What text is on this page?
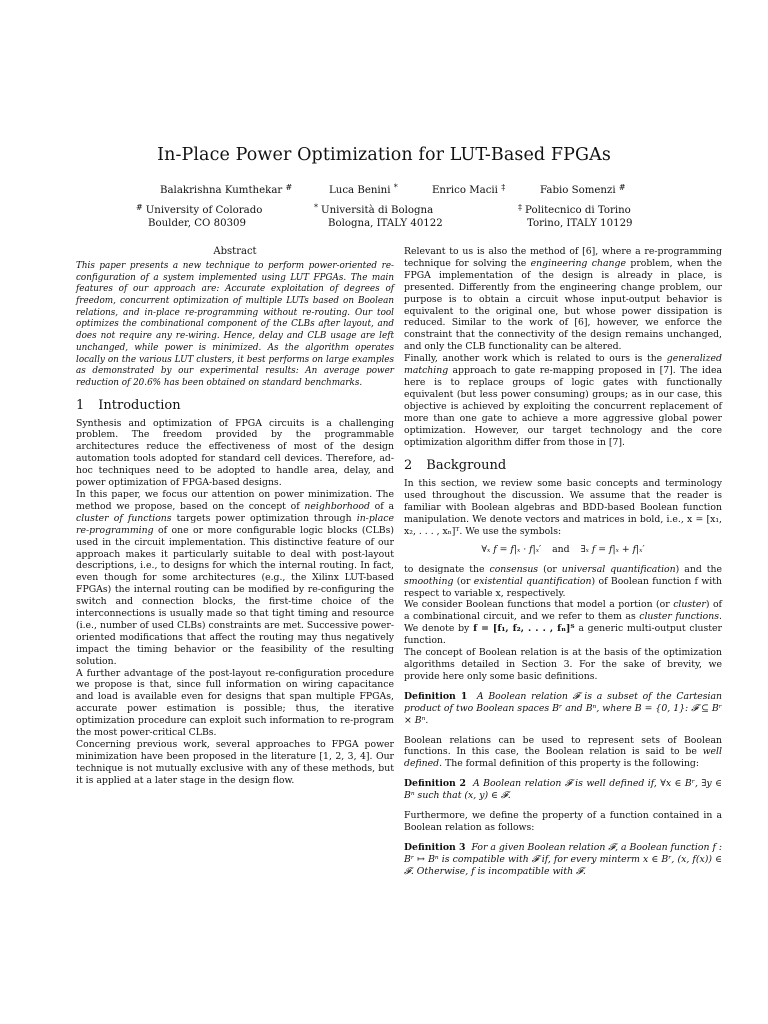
In-Place Power Optimization for LUT-Based FPGAs
Balakrishna Kumthekar #	Luca Benini *	Enrico Macii ‡	Fabio Somenzi #
# University of Colorado
Boulder, CO 80309
* Università di Bologna
Bologna, ITALY 40122
‡ Politecnico di Torino
Torino, ITALY 10129
Abstract

This paper presents a new technique to perform power-oriented re-configuration of a system implemented using LUT FPGAs. The main features of our approach are: Accurate exploitation of degrees of freedom, concurrent optimization of multiple LUTs based on Boolean relations, and in-place re-programming without re-routing. Our tool optimizes the combinational component of the CLBs after layout, and does not require any re-wiring. Hence, delay and CLB usage are left unchanged, while power is minimized. As the algorithm operates locally on the various LUT clusters, it best performs on large examples as demonstrated by our experimental results: An average power reduction of 20.6% has been obtained on standard benchmarks.

1 Introduction

Synthesis and optimization of FPGA circuits is a challenging problem. The freedom provided by the programmable architectures reduce the effectiveness of most of the design automation tools adopted for standard cell devices. Therefore, ad-hoc techniques need to be adopted to handle area, delay, and power optimization of FPGA-based designs.

In this paper, we focus our attention on power minimization. The method we propose, based on the concept of neighborhood of a cluster of functions targets power optimization through in-place re-programming of one or more configurable logic blocks (CLBs) used in the circuit implementation. This distinctive feature of our approach makes it particularly suitable to deal with post-layout descriptions, i.e., to designs for which the internal routing. In fact, even though for some architectures (e.g., the Xilinx LUT-based FPGAs) the internal routing can be modified by re-configuring the switch and connection blocks, the first-time choice of the interconnections is usually made so that tight timing and resource (i.e., number of used CLBs) constraints are met. Successive power-oriented modifications that affect the routing may thus negatively impact the timing behavior or the feasibility of the resulting solution.

A further advantage of the post-layout re-configuration procedure we propose is that, since full information on wiring capacitance and load is available even for designs that span multiple FPGAs, accurate power estimation is possible; thus, the iterative optimization procedure can exploit such information to re-program the most power-critical CLBs.

Concerning previous work, several approaches to FPGA power minimization have been proposed in the literature [1, 2, 3, 4]. Our technique is not mutually exclusive with any of these methods, but it is applied at a later stage in the design flow.

Relevant to us is also the method of [6], where a re-programming technique for solving the engineering change problem, when the FPGA implementation of the design is already in place, is presented. Differently from the engineering change problem, our purpose is to obtain a circuit whose input-output behavior is equivalent to the original one, but whose power dissipation is reduced. Similar to the work of [6], however, we enforce the constraint that the connectivity of the design remains unchanged, and only the CLB functionality can be altered.

Finally, another work which is related to ours is the generalized matching approach to gate re-mapping proposed in [7]. The idea here is to replace groups of logic gates with functionally equivalent (but less power consuming) groups; as in our case, this objective is achieved by exploiting the concurrent replacement of more than one gate to achieve a more aggressive global power optimization. However, our target technology and the core optimization algorithm differ from those in [7].

2 Background

In this section, we review some basic concepts and terminology used throughout the discussion. We assume that the reader is familiar with Boolean algebras and BDD-based Boolean function manipulation. We denote vectors and matrices in bold, i.e., x = [x₁, x₂, . . . , xₙ]ᵀ. We use the symbols:

∀ₓ f = f|ₓ · f|ₓ′ and ∃ₓ f = f|ₓ + f|ₓ′

to designate the consensus (or universal quantification) and the smoothing (or existential quantification) of Boolean function f with respect to variable x, respectively.

We consider Boolean functions that model a portion (or cluster) of a combinational circuit, and we refer to them as cluster functions. We denote by f = [f₁, f₂, . . . , fₙ]ᵀ a generic multi-output cluster function.

The concept of Boolean relation is at the basis of the optimization algorithms detailed in Section 3. For the sake of brevity, we provide here only some basic definitions.

Definition 1 A Boolean relation 𝓕 is a subset of the Cartesian product of two Boolean spaces Bʳ and Bⁿ, where B = {0, 1}: 𝓕 ⊆ Bʳ × Bⁿ.

Boolean relations can be used to represent sets of Boolean functions. In this case, the Boolean relation is said to be well defined. The formal definition of this property is the following:

Definition 2 A Boolean relation 𝓕 is well defined if, ∀x ∈ Bʳ, ∃y ∈ Bⁿ such that (x, y) ∈ 𝓕.

Furthermore, we define the property of a function contained in a Boolean relation as follows:

Definition 3 For a given Boolean relation 𝓕, a Boolean function f : Bʳ ↦ Bⁿ is compatible with 𝓕 if, for every minterm x ∈ Bʳ, (x, f(x)) ∈ 𝓕. Otherwise, f is incompatible with 𝓕.
